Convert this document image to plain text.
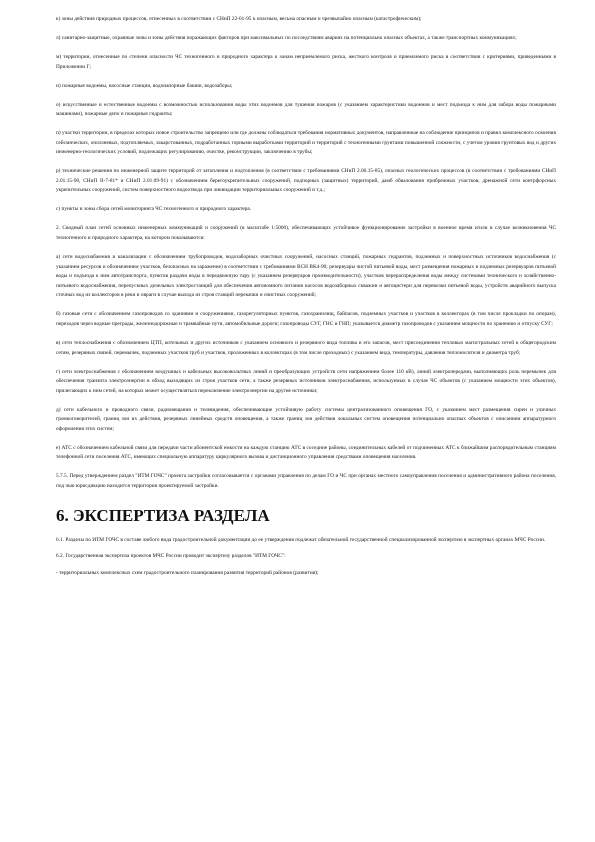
к) зоны действия природных процессов, отнесенных в соответствии с СНиП 22-01-95 к опасным, весьма опасным и чрезвычайно опасным (катастрофическим);

л) санитарно-защитные, охранные зоны и зоны действия поражающих факторов при максимальных по последствиям авариях на потенциально опасных объектах, а также транспортных коммуникациях;

м) территории, отнесенные по степени опасности ЧС техногенного и природного характера к зонам неприемлемого риска, жесткого контроля и приемлемого риска в соответствии с критериями, приведенными в Приложении Г;

н) пожарные водоемы, насосные станции, водонапорные башни, водозаборы;

о) искусственные и естественные водоемы с возможностью использования воды этих водоемов для тушения пожаров (с указанием характеристики водоемов и мест подъезда к ним для забора воды пожарными машинами), пожарные депо и пожарные гидранты;

п) участки территории, в пределах которых новое строительство запрещено или где должны соблюдаться требования нормативных документов, направленные на соблюдение принципов и правил комплексного освоения сейсмических, оползневых, подтопляемых, закарстованных, подработанных горными выработками территорий и территорий с техногенными грунтами повышенной сложности, с учетом уровня грунтовых вод и других инженерно-геологических условий, подлежащих регулированию, очистке, реконструкции, заключению в трубы;

р) технические решения по инженерной защите территорий от затопления и подтопления (в соответствии с требованиями СНиП 2.06.15-85), опасных геологических процессов (в соответствии с требованиями СНиП 2.01.15-90, СНиП II-7-81* и СНиП 2.01.09-91) с обозначением берегоукрепительных сооружений, подпорных (защитных) территорий, дамб обвалования прибрежных участков, дренажной сети контрфорсных укрепительных сооружений, систем поверхностного водоотвода при ликвидации территориальных сооружений и т.д.;

с) пункты и зоны сбора сетей мониторинга ЧС техногенного и природного характера.

2. Сводный план сетей основных инженерных коммуникаций и сооружений (в масштабе 1:5000), обеспечивающих устойчивое функционирование застройки в военное время и/или в случае возникновения ЧС техногенного и природного характера, на котором показываются:

а) сети водоснабжения и канализации с обозначением трубопроводов, водозаборных очистных сооружений, насосных станций, пожарных гидрантов, подземных и поверхностных источников водоснабжения (с указанием ресурсов и обозначением участков, безопасных на заражение) в соответствии с требованиями ВСН ВК4-90; резервуары чистой питьевой воды, мест размещения пожарных и подземных резервуаров питьевой воды и подъезда к ним автотранспорта, пунктов раздачи воды в передвижную тару (с указанием резервуаров производительности), участков перераспределения воды между системами технического и хозяйственно-питьевого водоснабжения, перепускных дизельных электростанций для обеспечения автономного питания насосов водозаборных скважин и автоцистерн для перевозки питьевой воды, устройств аварийного выпуска сточных вод из коллекторов в реки и овраги в случае выхода из строя станций перекачки и очистных сооружений;

б) газовые сети с обозначением газопроводов со зданиями и сооружениями, газорегуляторных пунктов, газохранилищ, байпасов, подземных участков и участков в коллекторах (в том числе прокладки по опорам), переходов через водные преграды, железнодорожные и трамвайные пути, автомобильные дороги; газопроводы СУГ, ГНС и ГНП; указывается диаметр газопроводов с указанием мощности по хранению и отпуску СУГ;

в) сети теплоснабжения с обозначением ЦТП, котельных и других источников с указанием основного и резервного вида топлива и его запасов, мест присоединения тепловых магистральных сетей к общегородским сетям, резервных связей, перемычек, подземных участков труб и участков, проложенных в коллекторах (в том числе проходных) с указанием вида, температуры, давления теплоносителя и диаметра труб;

г) сети электроснабжения с обозначением воздушных и кабельных высоковольтных линий и преобразующих устройств сети напряжением более 110 кВ), линий электропередачи, выполняющих роль перемычек для обеспечения транзита электроэнергии в обход выходящих из строя участков сети, а также резервных источников электроснабжения, используемых в случае ЧС объектов (с указанием мощности этих объектов), прилегающих к ним сетей, на которых может осуществляться переключение электроэнергии на другие источники;

д) сети кабельного и проводного связи, радиовещания и телевидения, обеспечивающие устойчивую работу системы централизованного оповещения ГО, с указанием мест размещения сирен и уличных громкоговорителей, границ зон их действия, резервных линейных средств оповещения, а также границ зон действия локальных систем оповещения потенциально опасных объектов с описанием аппаратурного оформления этих систем;

е) АТС с обозначением кабельной связи для передачи части абонентской емкости на каждую станцию АТС в соседние районы, соединительных кабелей от подчиненных АТС к ближайшим распорядительным станциям телефонной сети поселения АТС, имеющих специальную аппаратуру циркулярного вызова и дистанционного управления средствами оповещения населения.

5.7.5. Перед утверждением раздел "ИТМ ГОЧС" проекта застройки согласовывается с органами управления по делам ГО и ЧС при органах местного самоуправления поселения и административного района поселения, под чью юрисдикцию находится территория проектируемой застройки.

6. ЭКСПЕРТИЗА РАЗДЕЛА

6.1. Разделы по ИТМ ГОЧС в составе любого вида градостроительной документации до ее утверждения подлежат обязательной государственной специализированной экспертизе в экспертных органах МЧС России.

6.2. Государственная экспертиза проектов МЧС России проводит экспертизу разделов "ИТМ ГОЧС":

- территориальных комплексных схем градостроительного планирования развития территорий районов (развития);
